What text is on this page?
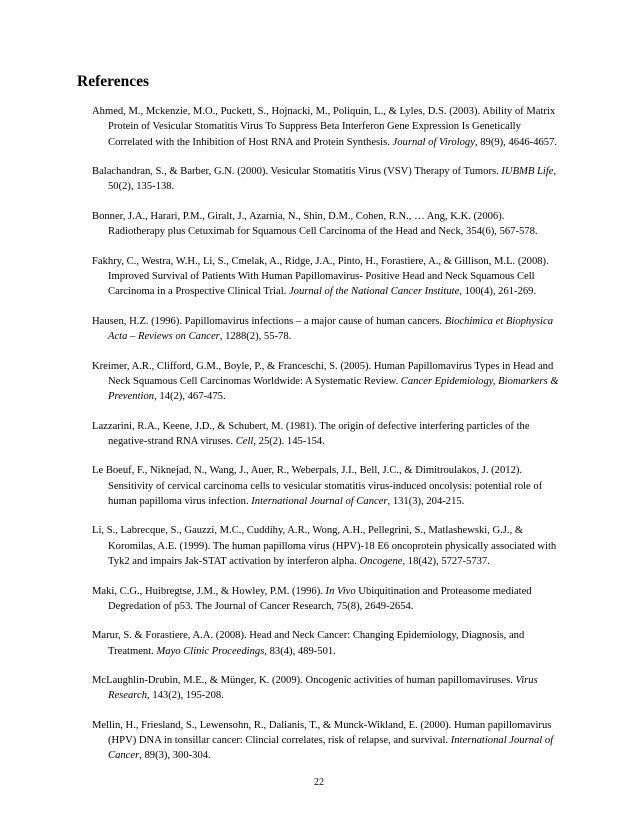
References
Ahmed, M., Mckenzie, M.O., Puckett, S., Hojnacki, M., Poliquin, L., & Lyles, D.S. (2003). Ability of Matrix Protein of Vesicular Stomatitis Virus To Suppress Beta Interferon Gene Expression Is Genetically Correlated with the Inhibition of Host RNA and Protein Synthesis. Journal of Virology, 89(9), 4646-4657.
Balachandran, S., & Barber, G.N. (2000). Vesicular Stomatitis Virus (VSV) Therapy of Tumors. IUBMB Life, 50(2), 135-138.
Bonner, J.A., Harari, P.M., Giralt, J., Azarnia, N., Shin, D.M., Cohen, R.N., … Ang, K.K. (2006). Radiotherapy plus Cetuximab for Squamous Cell Carcinoma of the Head and Neck, 354(6), 567-578.
Fakhry, C., Westra, W.H., Li, S., Cmelak, A., Ridge, J.A., Pinto, H., Forastiere, A., & Gillison, M.L. (2008). Improved Survival of Patients With Human Papillomavirus- Positive Head and Neck Squamous Cell Carcinoma in a Prospective Clinical Trial. Journal of the National Cancer Institute, 100(4), 261-269.
Hausen, H.Z. (1996). Papillomavirus infections – a major cause of human cancers. Biochimica et Biophysica Acta – Reviews on Cancer, 1288(2), 55-78.
Kreimer, A.R., Clifford, G.M., Boyle, P., & Franceschi, S. (2005). Human Papillomavirus Types in Head and Neck Squamous Cell Carcinomas Worldwide: A Systematic Review. Cancer Epidemiology, Biomarkers & Prevention, 14(2), 467-475.
Lazzarini, R.A., Keene, J.D., & Schubert, M. (1981). The origin of defective interfering particles of the negative-strand RNA viruses. Cell, 25(2). 145-154.
Le Boeuf, F., Niknejad, N., Wang, J., Auer, R., Weberpals, J.I., Bell, J.C., & Dimitroulakos, J. (2012). Sensitivity of cervical carcinoma cells to vesicular stomatitis virus-induced oncolysis: potential role of human papilloma virus infection. International Journal of Cancer, 131(3), 204-215.
Li, S., Labrecque, S., Gauzzi, M.C., Cuddihy, A.R., Wong, A.H., Pellegrini, S., Matlashewski, G.J., & Koromilas, A.E. (1999). The human papilloma virus (HPV)-18 E6 oncoprotein physically associated with Tyk2 and impairs Jak-STAT activation by interferon alpha. Oncogene, 18(42), 5727-5737.
Maki, C.G., Huibregtse, J.M., & Howley, P.M. (1996). In Vivo Ubiquitination and Proteasome mediated Degredation of p53. The Journal of Cancer Research, 75(8), 2649-2654.
Marur, S. & Forastiere, A.A. (2008). Head and Neck Cancer: Changing Epidemiology, Diagnosis, and Treatment. Mayo Clinic Proceedings, 83(4), 489-501.
McLaughlin-Drubin, M.E., & Münger, K. (2009). Oncogenic activities of human papillomaviruses. Virus Research, 143(2), 195-208.
Mellin, H., Friesland, S., Lewensohn, R., Dalianis, T., & Munck-Wikland, E. (2000). Human papillomavirus (HPV) DNA in tonsillar cancer: Clincial correlates, risk of relapse, and survival. International Journal of Cancer, 89(3), 300-304.
22
